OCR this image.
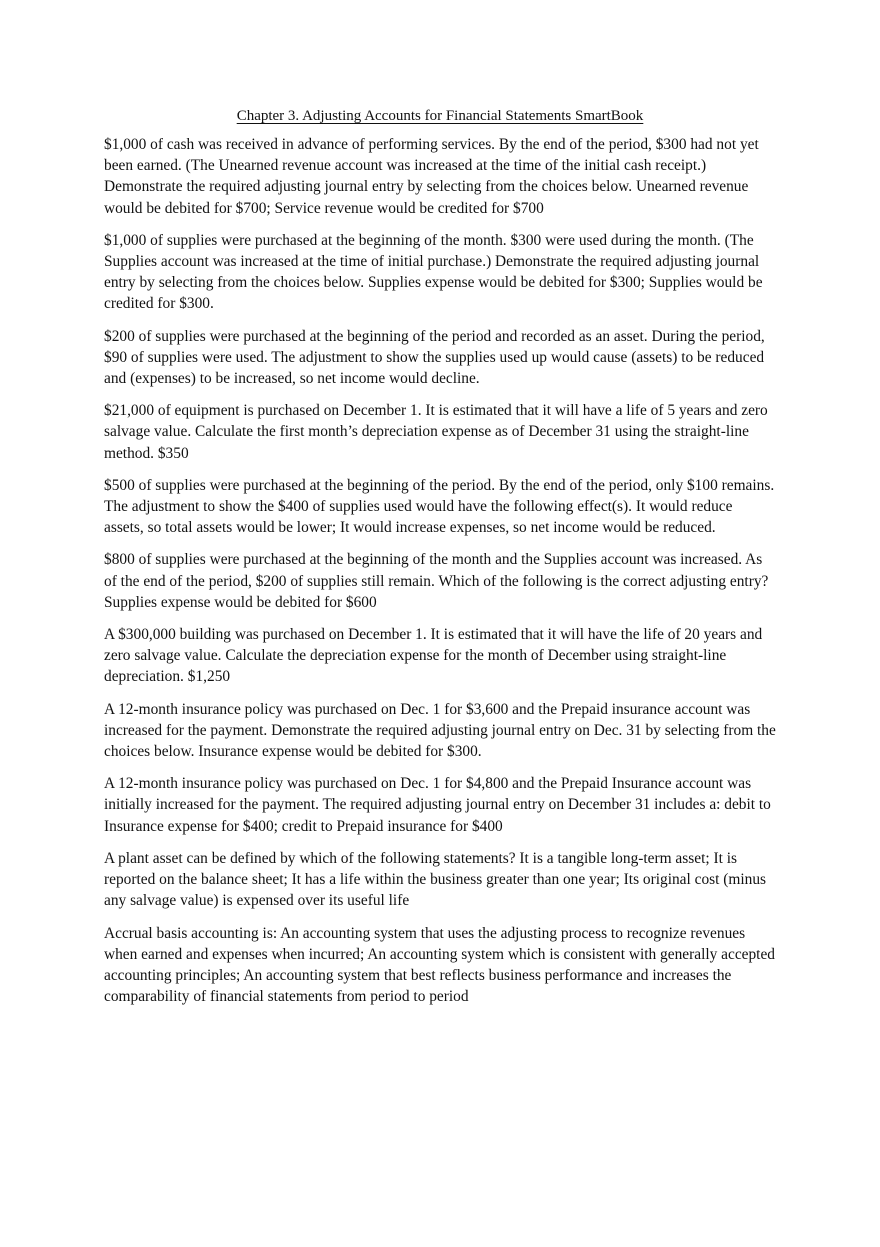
Chapter 3. Adjusting Accounts for Financial Statements SmartBook

$1,000 of cash was received in advance of performing services. By the end of the period, $300 had not yet been earned. (The Unearned revenue account was increased at the time of the initial cash receipt.) Demonstrate the required adjusting journal entry by selecting from the choices below. Unearned revenue would be debited for $700; Service revenue would be credited for $700

$1,000 of supplies were purchased at the beginning of the month. $300 were used during the month. (The Supplies account was increased at the time of initial purchase.) Demonstrate the required adjusting journal entry by selecting from the choices below. Supplies expense would be debited for $300; Supplies would be credited for $300.

$200 of supplies were purchased at the beginning of the period and recorded as an asset. During the period, $90 of supplies were used. The adjustment to show the supplies used up would cause (assets) to be reduced and (expenses) to be increased, so net income would decline.

$21,000 of equipment is purchased on December 1. It is estimated that it will have a life of 5 years and zero salvage value. Calculate the first month’s depreciation expense as of December 31 using the straight-line method. $350

$500 of supplies were purchased at the beginning of the period. By the end of the period, only $100 remains. The adjustment to show the $400 of supplies used would have the following effect(s). It would reduce assets, so total assets would be lower; It would increase expenses, so net income would be reduced.

$800 of supplies were purchased at the beginning of the month and the Supplies account was increased. As of the end of the period, $200 of supplies still remain. Which of the following is the correct adjusting entry? Supplies expense would be debited for $600

A $300,000 building was purchased on December 1. It is estimated that it will have the life of 20 years and zero salvage value. Calculate the depreciation expense for the month of December using straight-line depreciation. $1,250

A 12-month insurance policy was purchased on Dec. 1 for $3,600 and the Prepaid insurance account was increased for the payment. Demonstrate the required adjusting journal entry on Dec. 31 by selecting from the choices below. Insurance expense would be debited for $300.

A 12-month insurance policy was purchased on Dec. 1 for $4,800 and the Prepaid Insurance account was initially increased for the payment. The required adjusting journal entry on December 31 includes a: debit to Insurance expense for $400; credit to Prepaid insurance for $400

A plant asset can be defined by which of the following statements? It is a tangible long-term asset; It is reported on the balance sheet; It has a life within the business greater than one year; Its original cost (minus any salvage value) is expensed over its useful life

Accrual basis accounting is: An accounting system that uses the adjusting process to recognize revenues when earned and expenses when incurred; An accounting system which is consistent with generally accepted accounting principles; An accounting system that best reflects business performance and increases the comparability of financial statements from period to period
